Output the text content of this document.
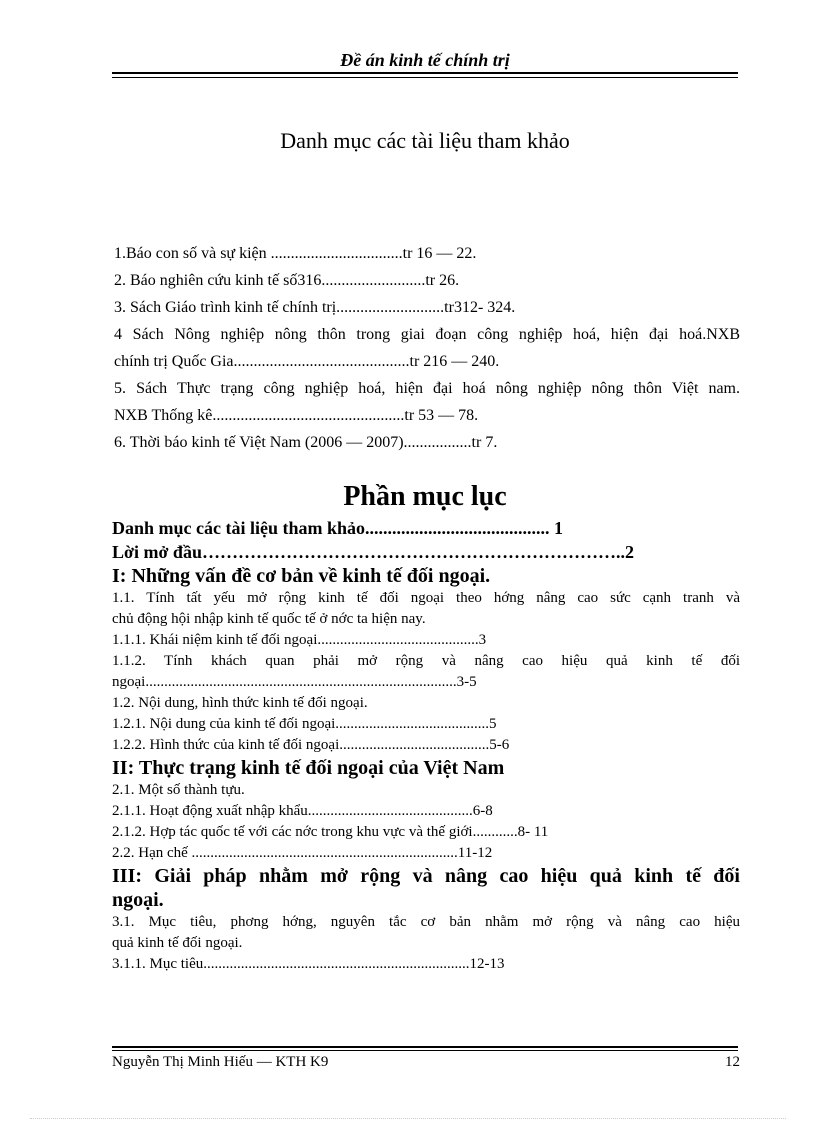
Đề án kinh tế chính trị
Danh mục các tài liệu tham khảo
1.Báo con số và sự kiện .................................tr 16 — 22.
2. Báo nghiên cứu kinh tế số316..........................tr 26.
3. Sách Giáo trình kinh tế chính trị...........................tr312- 324.
4 Sách Nông nghiệp nông thôn trong giai đoạn công nghiệp hoá, hiện đại hoá.NXB
chính trị Quốc Gia............................................tr 216 — 240.
5. Sách Thực trạng công nghiệp hoá, hiện đại hoá nông nghiệp nông thôn Việt nam.
NXB Thống kê................................................tr 53 — 78.
6. Thời báo kinh tế Việt Nam (2006 — 2007).................tr 7.
Phần mục lục
Danh mục các tài liệu tham khảo......................................... 1
Lời mở đầu……………………………………………………………..2
I: Những vấn đề cơ bản về kinh tế đối ngoại.
1.1. Tính tất yếu mở rộng kinh tế đối ngoại theo hớng nâng cao sức cạnh tranh và
chủ động hội nhập kinh tế quốc tế ở nớc ta hiện nay.
1.1.1. Khái niệm kinh tế đối ngoại...........................................3
1.1.2. Tính khách quan phải mở rộng và nâng cao hiệu quả kinh tế đối
ngoại...................................................................................3-5
1.2. Nội dung, hình thức kinh tế đối ngoại.
1.2.1. Nội dung của kinh tế đối ngoại.........................................5
1.2.2. Hình thức của kinh tế đối ngoại........................................5-6
II: Thực trạng kinh tế đối ngoại của Việt Nam
2.1. Một số thành tựu.
2.1.1. Hoạt động xuất nhập khẩu............................................6-8
2.1.2. Hợp tác quốc tế với các nớc trong khu vực và thế giới............8- 11
2.2. Hạn chế .......................................................................11-12
III: Giải pháp nhằm mở rộng và nâng cao hiệu quả kinh tế đối
ngoại.
3.1. Mục tiêu, phơng hớng, nguyên tắc cơ bản nhằm mở rộng và nâng cao hiệu
quả kinh tế đối ngoại.
3.1.1. Mục tiêu.......................................................................12-13
Nguyễn Thị Minh Hiếu — KTH K9	12
